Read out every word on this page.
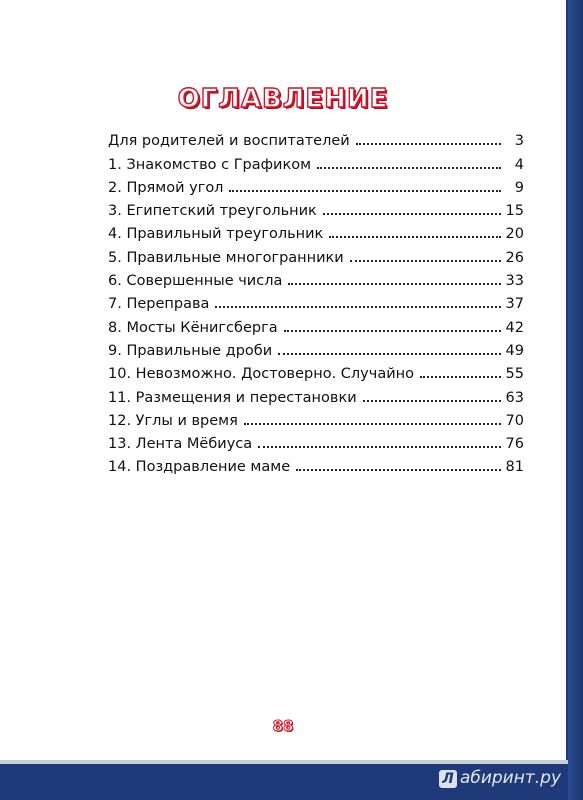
ОГЛАВЛЕНИЕ
Для родителей и воспитателей	3
1. Знакомство с Графиком	4
2. Прямой угол	9
3. Египетский треугольник	15
4. Правильный треугольник	20
5. Правильные многогранники	26
6. Совершенные числа	33
7. Переправа	37
8. Мосты Кёнигсберга	42
9. Правильные дроби	49
10. Невозможно. Достоверно. Случайно	55
11. Размещения и перестановки	63
12. Углы и время	70
13. Лента Мёбиуса	76
14. Поздравление маме	81
88
Л абиринт.ру
